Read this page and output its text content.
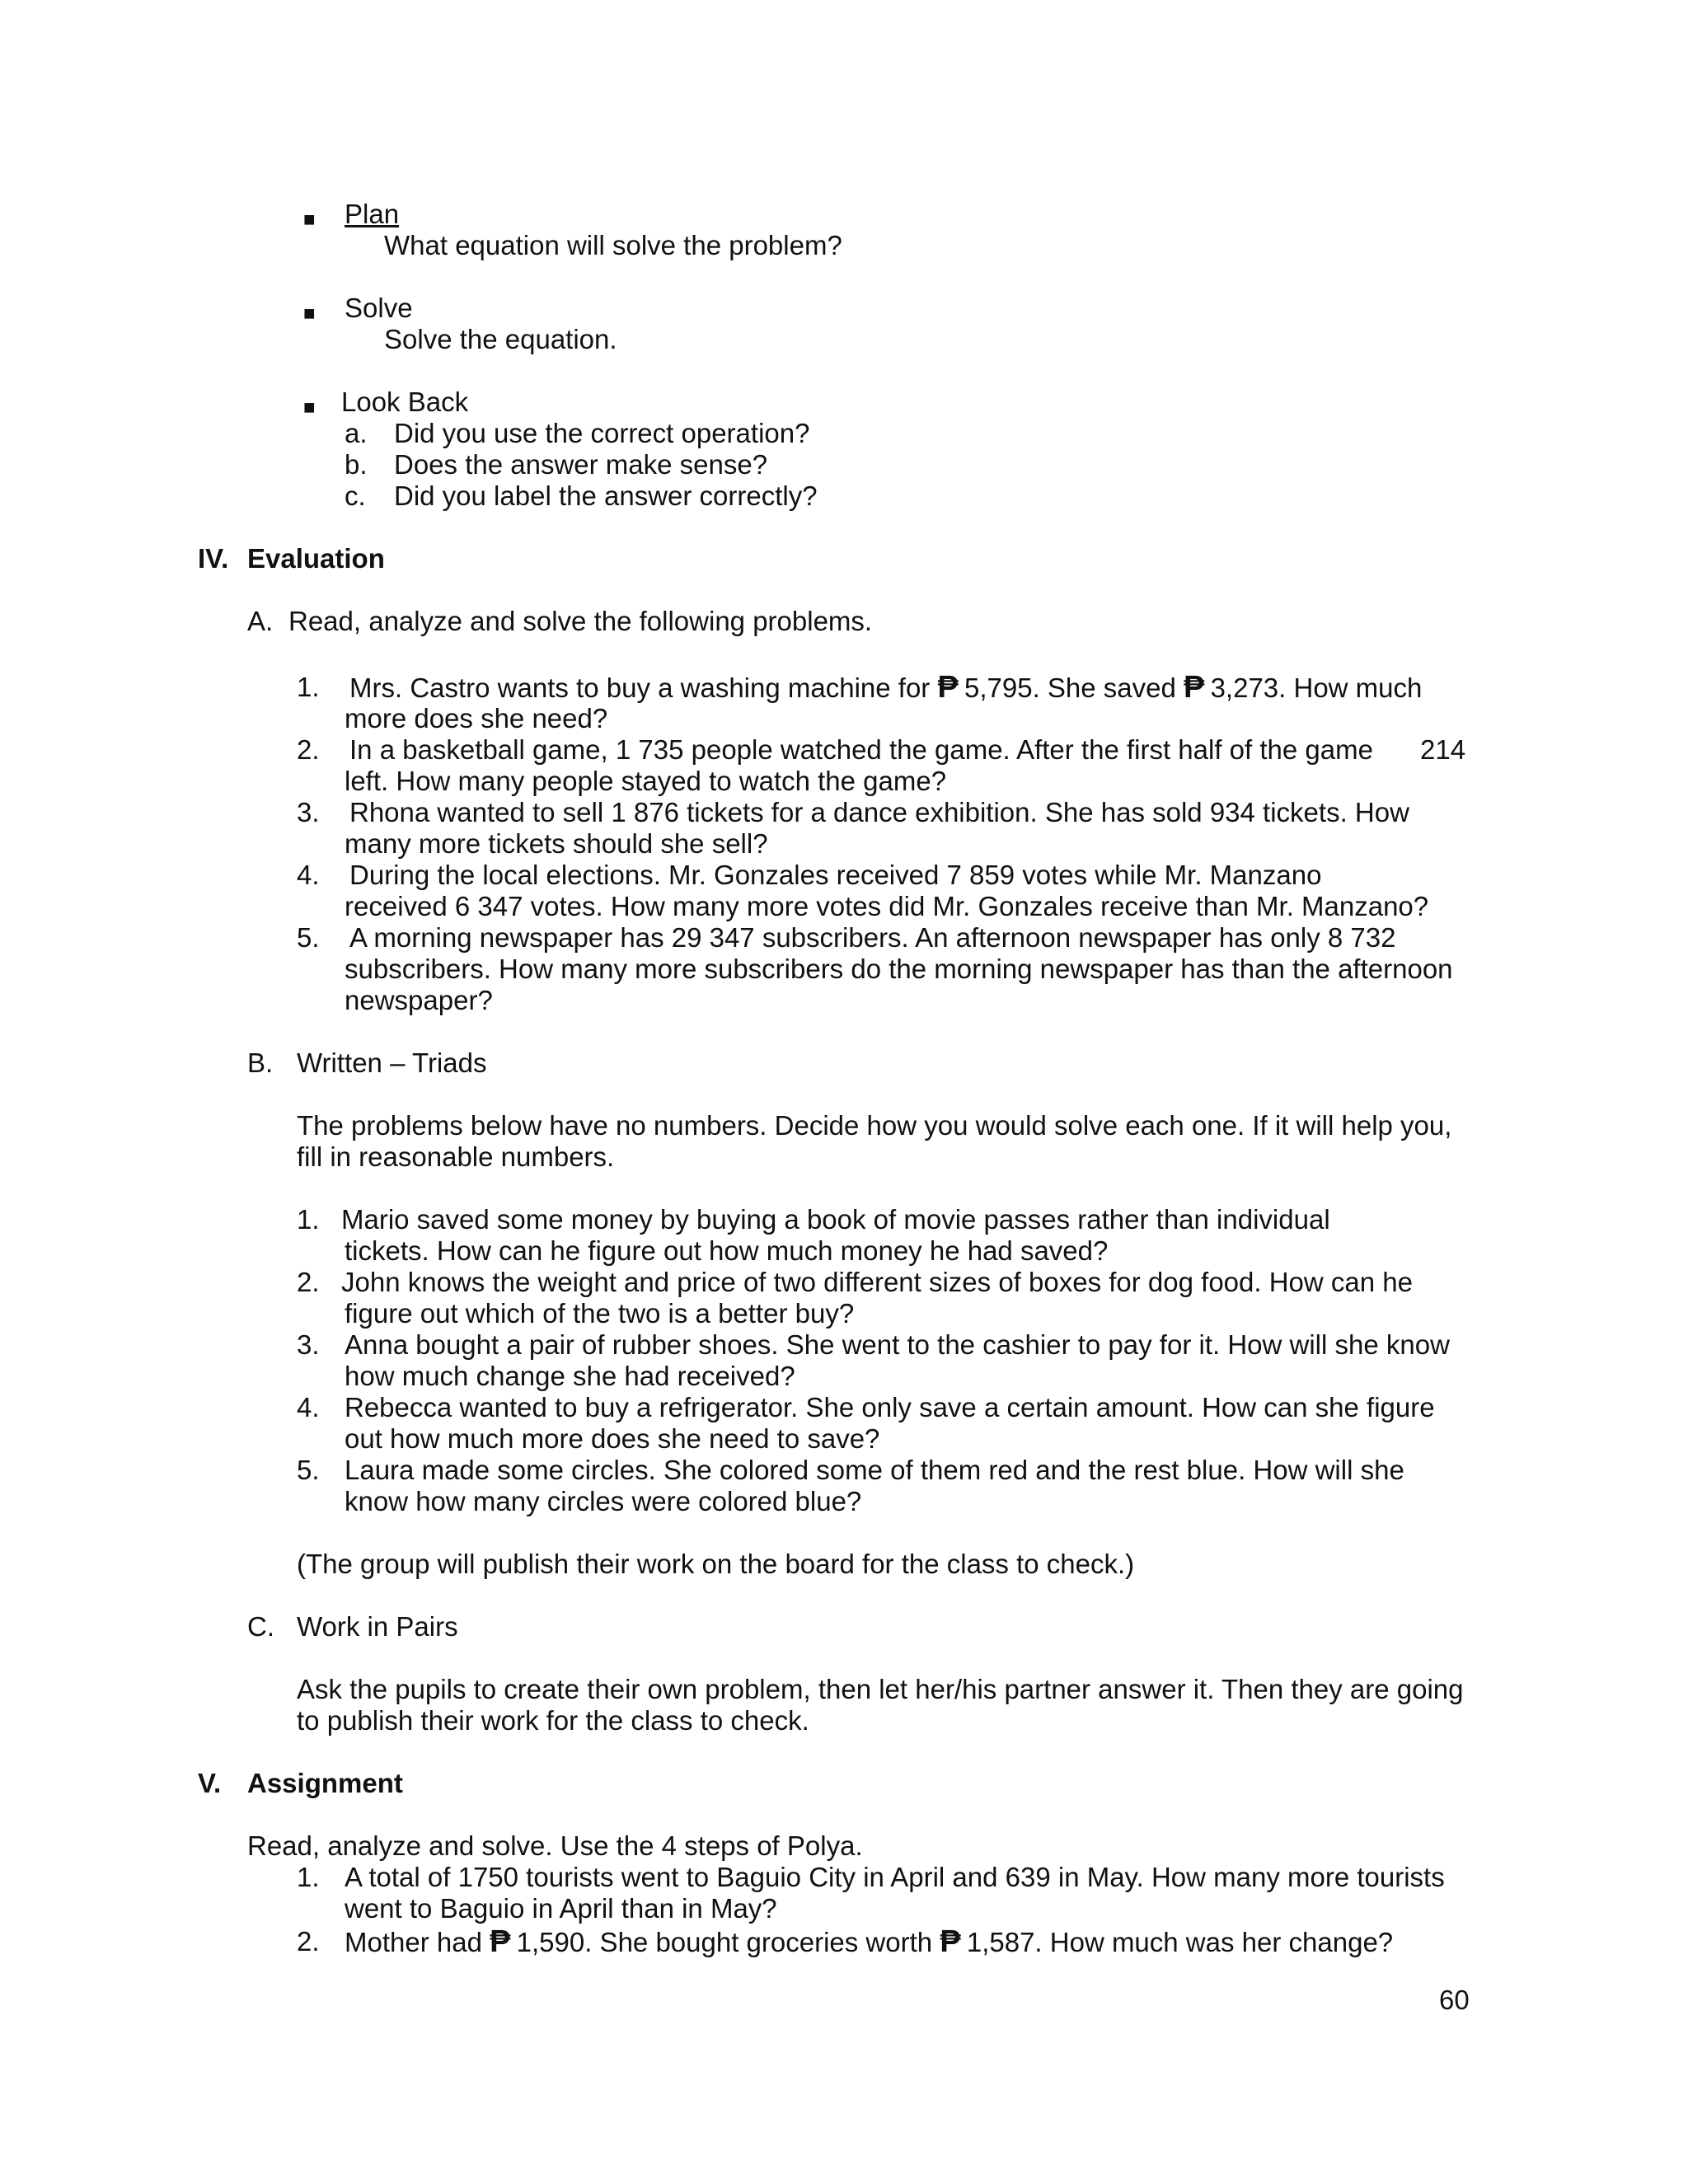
■ Plan
What equation will solve the problem?
■ Solve
Solve the equation.
■ Look Back
a. Did you use the correct operation?
b. Does the answer make sense?
c. Did you label the answer correctly?
IV. Evaluation
A. Read, analyze and solve the following problems.
1. Mrs. Castro wants to buy a washing machine for ₱ 5,795. She saved ₱ 3,273. How much
more does she need?
2. In a basketball game, 1 735 people watched the game. After the first half of the game 214
left. How many people stayed to watch the game?
3. Rhona wanted to sell 1 876 tickets for a dance exhibition. She has sold 934 tickets. How
many more tickets should she sell?
4. During the local elections. Mr. Gonzales received 7 859 votes while Mr. Manzano
received 6 347 votes. How many more votes did Mr. Gonzales receive than Mr. Manzano?
5. A morning newspaper has 29 347 subscribers. An afternoon newspaper has only 8 732
subscribers. How many more subscribers do the morning newspaper has than the afternoon
newspaper?
B. Written – Triads
The problems below have no numbers. Decide how you would solve each one. If it will help you,
fill in reasonable numbers.
1. Mario saved some money by buying a book of movie passes rather than individual
tickets. How can he figure out how much money he had saved?
2. John knows the weight and price of two different sizes of boxes for dog food. How can he
figure out which of the two is a better buy?
3. Anna bought a pair of rubber shoes. She went to the cashier to pay for it. How will she know
how much change she had received?
4. Rebecca wanted to buy a refrigerator. She only save a certain amount. How can she figure
out how much more does she need to save?
5. Laura made some circles. She colored some of them red and the rest blue. How will she
know how many circles were colored blue?
(The group will publish their work on the board for the class to check.)
C. Work in Pairs
Ask the pupils to create their own problem, then let her/his partner answer it. Then they are going
to publish their work for the class to check.
V. Assignment
Read, analyze and solve. Use the 4 steps of Polya.
1. A total of 1750 tourists went to Baguio City in April and 639 in May. How many more tourists
went to Baguio in April than in May?
2. Mother had ₱ 1,590. She bought groceries worth ₱ 1,587. How much was her change?
60
